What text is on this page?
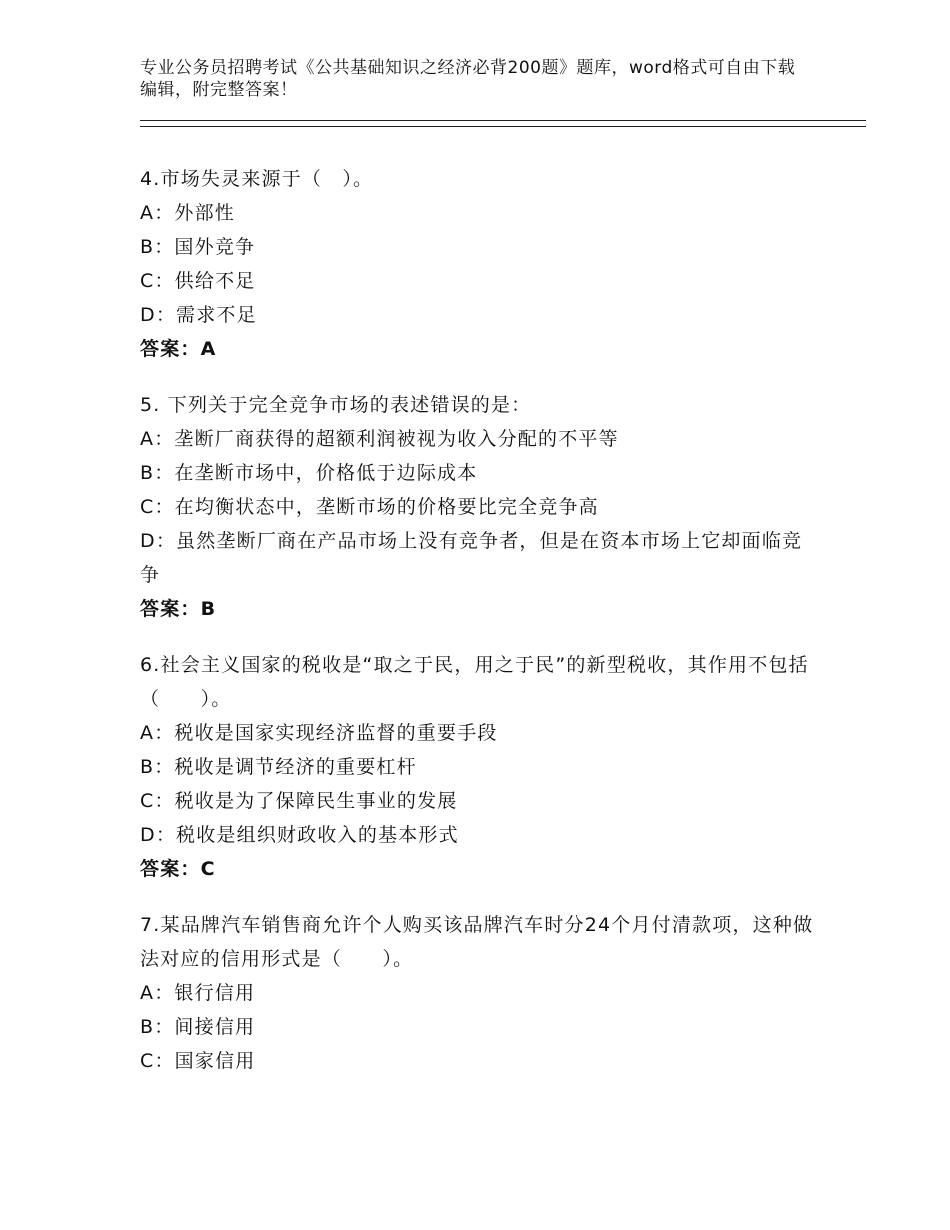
专业公务员招聘考试《公共基础知识之经济必背200题》题库，word格式可自由下载编辑，附完整答案！
4.市场失灵来源于（　）。
A：外部性
B：国外竞争
C：供给不足
D：需求不足
答案：A
5. 下列关于完全竞争市场的表述错误的是：
A：垄断厂商获得的超额利润被视为收入分配的不平等
B：在垄断市场中，价格低于边际成本
C：在均衡状态中，垄断市场的价格要比完全竞争高
D：虽然垄断厂商在产品市场上没有竞争者，但是在资本市场上它却面临竞争
答案：B
6.社会主义国家的税收是“取之于民，用之于民”的新型税收，其作用不包括（　　）。
A：税收是国家实现经济监督的重要手段
B：税收是调节经济的重要杠杆
C：税收是为了保障民生事业的发展
D：税收是组织财政收入的基本形式
答案：C
7.某品牌汽车销售商允许个人购买该品牌汽车时分24个月付清款项，这种做法对应的信用形式是（　　）。
A：银行信用
B：间接信用
C：国家信用
